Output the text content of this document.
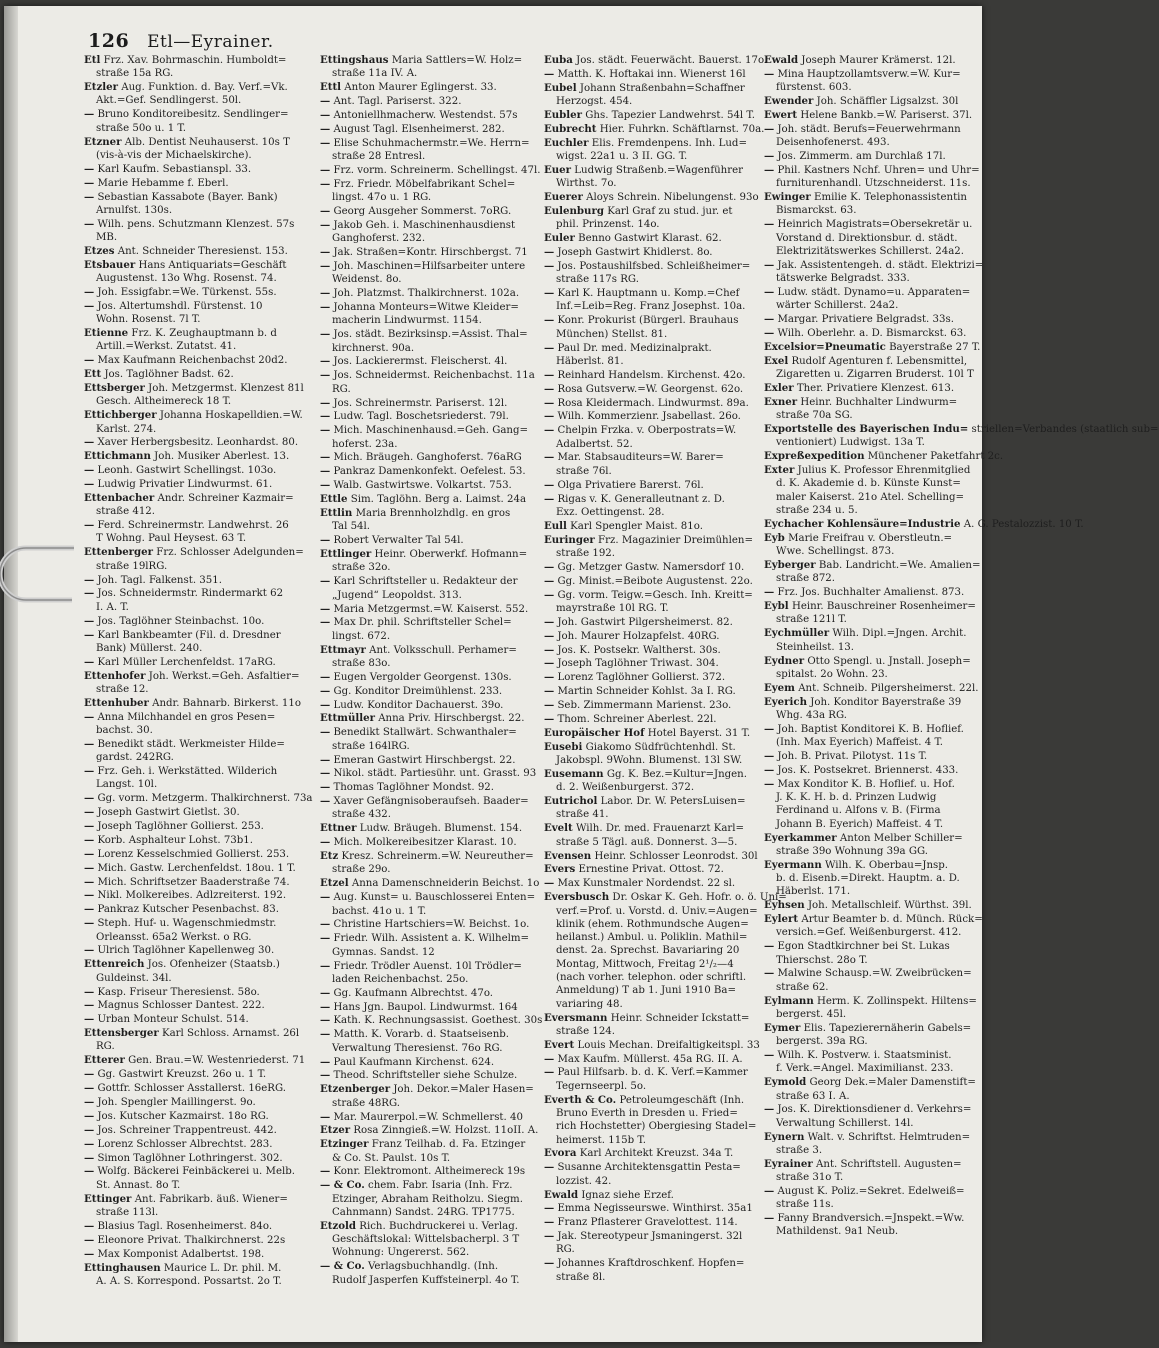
126 Etl—Eyrainer.
Etl Frz. Xav. Bohrmaschin. Humboldt=
straße 15a RG.
Etzler Aug. Funktion. d. Bay. Verf.=Vk.
Akt.=Gef. Sendlingerst. 50l.
— Bruno Konditoreibesitz. Sendlinger=
straße 50o u. 1 T.
Etzner Alb. Dentist Neuhauserst. 10s T
(vis-à-vis der Michaelskirche).
— Karl Kaufm. Sebastianspl. 33.
— Marie Hebamme f. Eberl.
— Sebastian Kassabote (Bayer. Bank)
Arnulfst. 130s.
— Wilh. pens. Schutzmann Klenzest. 57s
MB.
Etzes Ant. Schneider Theresienst. 153.
Etsbauer Hans Antiquariats=Geschäft
Augustenst. 13o Whg. Rosenst. 74.
— Joh. Essigfabr.=We. Türkenst. 55s.
— Jos. Altertumshdl. Fürstenst. 10
Wohn. Rosenst. 7l T.
Etienne Frz. K. Zeughauptmann b. d
Artill.=Werkst. Zutatst. 41.
— Max Kaufmann Reichenbachst 20d2.
Ett Jos. Taglöhner Badst. 62.
Ettsberger Joh. Metzgermst. Klenzest 81l
Gesch. Altheimereck 18 T.
Ettichberger Johanna Hoskapelldien.=W.
Karlst. 274.
— Xaver Herbergsbesitz. Leonhardst. 80.
Ettichmann Joh. Musiker Aberlest. 13.
— Leonh. Gastwirt Schellingst. 103o.
— Ludwig Privatier Lindwurmst. 61.
Ettenbacher Andr. Schreiner Kazmair=
straße 412.
— Ferd. Schreinermstr. Landwehrst. 26
T Wohng. Paul Heysest. 63 T.
Ettenberger Frz. Schlosser Adelgunden=
straße 19lRG.
— Joh. Tagl. Falkenst. 351.
— Jos. Schneidermstr. Rindermarkt 62
I. A. T.
— Jos. Taglöhner Steinbachst. 10o.
— Karl Bankbeamter (Fil. d. Dresdner
Bank) Müllerst. 240.
— Karl Müller Lerchenfeldst. 17aRG.
Ettenhofer Joh. Werkst.=Geh. Asfaltier=
straße 12.
Ettenhuber Andr. Bahnarb. Birkerst. 11o
— Anna Milchhandel en gros Pesen=
bachst. 30.
— Benedikt städt. Werkmeister Hilde=
gardst. 242RG.
— Frz. Geh. i. Werkstätted. Wilderich
Langst. 10l.
— Gg. vorm. Metzgerm. Thalkirchnerst. 73a
— Joseph Gastwirt Gietlst. 30.
— Joseph Taglöhner Gollierst. 253.
— Korb. Asphalteur Lohst. 73b1.
— Lorenz Kesselschmied Gollierst. 253.
— Mich. Gastw. Lerchenfeldst. 18ou. 1 T.
— Mich. Schriftsetzer Baaderstraße 74.
— Nikl. Molkereibes. Adlzreiterst. 192.
— Pankraz Kutscher Pesenbachst. 83.
— Steph. Huf- u. Wagenschmiedmstr.
Orleansst. 65a2 Werkst. o RG.
— Ulrich Taglöhner Kapellenweg 30.
Ettenreich Jos. Ofenheizer (Staatsb.)
Guldeinst. 34l.
— Kasp. Friseur Theresienst. 58o.
— Magnus Schlosser Dantest. 222.
— Urban Monteur Schulst. 514.
Ettensberger Karl Schloss. Arnamst. 26l
RG.
Etterer Gen. Brau.=W. Westenriederst. 71
— Gg. Gastwirt Kreuzst. 26o u. 1 T.
— Gottfr. Schlosser Asstallerst. 16eRG.
— Joh. Spengler Maillingerst. 9o.
— Jos. Kutscher Kazmairst. 18o RG.
— Jos. Schreiner Trappentreust. 442.
— Lorenz Schlosser Albrechtst. 283.
— Simon Taglöhner Lothringerst. 302.
— Wolfg. Bäckerei Feinbäckerei u. Melb.
St. Annast. 8o T.
Ettinger Ant. Fabrikarb. äuß. Wiener=
straße 113l.
— Blasius Tagl. Rosenheimerst. 84o.
— Eleonore Privat. Thalkirchnerst. 22s
— Max Komponist Adalbertst. 198.
Ettinghausen Maurice L. Dr. phil. M.
A. A. S. Korrespond. Possartst. 2o T.
Ettingshaus Maria Sattlers=W. Holz=
straße 11a IV. A.
Ettl Anton Maurer Eglingerst. 33.
— Ant. Tagl. Pariserst. 322.
— Antoniellhmacherw. Westendst. 57s
— August Tagl. Elsenheimerst. 282.
— Elise Schuhmachermstr.=We. Herrn=
straße 28 Entresl.
— Frz. vorm. Schreinerm. Schellingst. 47l.
— Frz. Friedr. Möbelfabrikant Schel=
lingst. 47o u. 1 RG.
— Georg Ausgeher Sommerst. 7oRG.
— Jakob Geh. i. Maschinenhausdienst
Ganghoferst. 232.
— Jak. Straßen=Kontr. Hirschbergst. 71
— Joh. Maschinen=Hilfsarbeiter untere
Weidenst. 8o.
— Joh. Platzmst. Thalkirchnerst. 102a.
— Johanna Monteurs=Witwe Kleider=
macherin Lindwurmst. 1154.
— Jos. städt. Bezirksinsp.=Assist. Thal=
kirchnerst. 90a.
— Jos. Lackierermst. Fleischerst. 4l.
— Jos. Schneidermst. Reichenbachst. 11a
RG.
— Jos. Schreinermstr. Pariserst. 12l.
— Ludw. Tagl. Boschetsriederst. 79l.
— Mich. Maschinenhausd.=Geh. Gang=
hoferst. 23a.
— Mich. Bräugeh. Ganghoferst. 76aRG
— Pankraz Damenkonfekt. Oefelest. 53.
— Walb. Gastwirtswe. Volkartst. 753.
Ettle Sim. Taglöhn. Berg a. Laimst. 24a
Ettlin Maria Brennholzhdlg. en gros
Tal 54l.
— Robert Verwalter Tal 54l.
Ettlinger Heinr. Oberwerkf. Hofmann=
straße 32o.
— Karl Schriftsteller u. Redakteur der
„Jugend“ Leopoldst. 313.
— Maria Metzgermst.=W. Kaiserst. 552.
— Max Dr. phil. Schriftsteller Schel=
lingst. 672.
Ettmayr Ant. Volksschull. Perhamer=
straße 83o.
— Eugen Vergolder Georgenst. 130s.
— Gg. Konditor Dreimühlenst. 233.
— Ludw. Konditor Dachauerst. 39o.
Ettmüller Anna Priv. Hirschbergst. 22.
— Benedikt Stallwärt. Schwanthaler=
straße 164lRG.
— Emeran Gastwirt Hirschbergst. 22.
— Nikol. städt. Partiesühr. unt. Grasst. 93
— Thomas Taglöhner Mondst. 92.
— Xaver Gefängnisoberaufseh. Baader=
straße 432.
Ettner Ludw. Bräugeh. Blumenst. 154.
— Mich. Molkereibesitzer Klarast. 10.
Etz Kresz. Schreinerm.=W. Neureuther=
straße 29o.
Etzel Anna Damenschneiderin Beichst. 1o
— Aug. Kunst= u. Bauschlosserei Enten=
bachst. 41o u. 1 T.
— Christine Hartschiers=W. Beichst. 1o.
— Friedr. Wilh. Assistent a. K. Wilhelm=
Gymnas. Sandst. 12
— Friedr. Trödler Auenst. 10l Trödler=
laden Reichenbachst. 25o.
— Gg. Kaufmann Albrechtst. 47o.
— Hans Jgn. Baupol. Lindwurmst. 164
— Kath. K. Rechnungsassist. Goethest. 30s
— Matth. K. Vorarb. d. Staatseisenb.
Verwaltung Theresienst. 76o RG.
— Paul Kaufmann Kirchenst. 624.
— Theod. Schriftsteller siehe Schulze.
Etzenberger Joh. Dekor.=Maler Hasen=
straße 48RG.
— Mar. Maurerpol.=W. Schmellerst. 40
Etzer Rosa Zinngieß.=W. Holzst. 11oII. A.
Etzinger Franz Teilhab. d. Fa. Etzinger
& Co. St. Paulst. 10s T.
— Konr. Elektromont. Altheimereck 19s
— & Co. chem. Fabr. Isaria (Inh. Frz.
Etzinger, Abraham Reitholzu. Siegm.
Cahnmann) Sandst. 24RG. TP1775.
Etzold Rich. Buchdruckerei u. Verlag.
Geschäftslokal: Wittelsbacherpl. 3 T
Wohnung: Ungererst. 562.
— & Co. Verlagsbuchhandlg. (Inh.
Rudolf Jasperfen Kuffsteinerpl. 4o T.
Euba Jos. städt. Feuerwächt. Bauerst. 17o.
— Matth. K. Hoftakai inn. Wienerst 16l
Eubel Johann Straßenbahn=Schaffner
Herzogst. 454.
Eubler Ghs. Tapezier Landwehrst. 54l T.
Eubrecht Hier. Fuhrkn. Schäftlarnst. 70a.
Euchler Elis. Fremdenpens. Inh. Lud=
wigst. 22a1 u. 3 II. GG. T.
Euer Ludwig Straßenb.=Wagenführer
Wirthst. 7o.
Euerer Aloys Schrein. Nibelungenst. 93o
Eulenburg Karl Graf zu stud. jur. et
phil. Prinzenst. 14o.
Euler Benno Gastwirt Klarast. 62.
— Joseph Gastwirt Khidlerst. 8o.
— Jos. Postaushilfsbed. Schleißheimer=
straße 117s RG.
— Karl K. Hauptmann u. Komp.=Chef
Inf.=Leib=Reg. Franz Josephst. 10a.
— Konr. Prokurist (Bürgerl. Brauhaus
München) Stellst. 81.
— Paul Dr. med. Medizinalprakt.
Häberlst. 81.
— Reinhard Handelsm. Kirchenst. 42o.
— Rosa Gutsverw.=W. Georgenst. 62o.
— Rosa Kleidermach. Lindwurmst. 89a.
— Wilh. Kommerzienr. Jsabellast. 26o.
— Chelpin Frzka. v. Oberpostrats=W.
Adalbertst. 52.
— Mar. Stabsauditeurs=W. Barer=
straße 76l.
— Olga Privatiere Barerst. 76l.
— Rigas v. K. Generalleutnant z. D.
Exz. Oettingenst. 28.
Eull Karl Spengler Maist. 81o.
Euringer Frz. Magazinier Dreimühlen=
straße 192.
— Gg. Metzger Gastw. Namersdorf 10.
— Gg. Minist.=Beibote Augustenst. 22o.
— Gg. vorm. Teigw.=Gesch. Inh. Kreitt=
mayrstraße 10l RG. T.
— Joh. Gastwirt Pilgersheimerst. 82.
— Joh. Maurer Holzapfelst. 40RG.
— Jos. K. Postsekr. Waltherst. 30s.
— Joseph Taglöhner Triwast. 304.
— Lorenz Taglöhner Gollierst. 372.
— Martin Schneider Kohlst. 3a I. RG.
— Seb. Zimmermann Marienst. 23o.
— Thom. Schreiner Aberlest. 22l.
Europäischer Hof Hotel Bayerst. 31 T.
Eusebi Giakomo Südfrüchtenhdl. St.
Jakobspl. 9Wohn. Blumenst. 13l SW.
Eusemann Gg. K. Bez.=Kultur=Jngen.
d. 2. Weißenburgerst. 372.
Eutrichol Labor. Dr. W. PetersLuisen=
straße 41.
Evelt Wilh. Dr. med. Frauenarzt Karl=
straße 5 Tägl. auß. Donnerst. 3—5.
Evensen Heinr. Schlosser Leonrodst. 30l
Evers Ernestine Privat. Ottost. 72.
— Max Kunstmaler Nordendst. 22 sl.
Eversbusch Dr. Oskar K. Geh. Hofr. o. ö. Uni=
verf.=Prof. u. Vorstd. d. Univ.=Augen=
klinik (ehem. Rothmundsche Augen=
heilanst.) Ambul. u. Poliklin. Mathil=
denst. 2a. Sprechst. Bavariaring 20
Montag, Mittwoch, Freitag 2¹/₂—4
(nach vorher. telephon. oder schriftl.
Anmeldung) T ab 1. Juni 1910 Ba=
variaring 48.
Eversmann Heinr. Schneider Ickstatt=
straße 124.
Evert Louis Mechan. Dreifaltigkeitspl. 33
— Max Kaufm. Müllerst. 45a RG. II. A.
— Paul Hilfsarb. b. d. K. Verf.=Kammer
Tegernseerpl. 5o.
Everth & Co. Petroleumgeschäft (Inh.
Bruno Everth in Dresden u. Fried=
rich Hochstetter) Obergiesing Stadel=
heimerst. 115b T.
Evora Karl Architekt Kreuzst. 34a T.
— Susanne Architektensgattin Pesta=
lozzist. 42.
Ewald Ignaz siehe Erzef.
— Emma Negisseurswe. Winthirst. 35a1
— Franz Pflasterer Gravelottest. 114.
— Jak. Stereotypeur Jsmaningerst. 32l
RG.
— Johannes Kraftdroschkenf. Hopfen=
straße 8l.
Ewald Joseph Maurer Krämerst. 12l.
— Mina Hauptzollamtsverw.=W. Kur=
fürstenst. 603.
Ewender Joh. Schäffler Ligsalzst. 30l
Ewert Helene Bankb.=W. Pariserst. 37l.
— Joh. städt. Berufs=Feuerwehrmann
Deisenhofenerst. 493.
— Jos. Zimmerm. am Durchlaß 17l.
— Phil. Kastners Nchf. Uhren= und Uhr=
furniturenhandl. Utzschneiderst. 11s.
Ewinger Emilie K. Telephonassistentin
Bismarckst. 63.
— Heinrich Magistrats=Obersekretär u.
Vorstand d. Direktionsbur. d. städt.
Elektrizitätswerkes Schillerst. 24a2.
— Jak. Assistentengeh. d. städt. Elektrizi=
tätswerke Belgradst. 333.
— Ludw. städt. Dynamo=u. Apparaten=
wärter Schillerst. 24a2.
— Margar. Privatiere Belgradst. 33s.
— Wilh. Oberlehr. a. D. Bismarckst. 63.
Excelsior=Pneumatic Bayerstraße 27 T.
Exel Rudolf Agenturen f. Lebensmittel,
Zigaretten u. Zigarren Bruderst. 10l T
Exler Ther. Privatiere Klenzest. 613.
Exner Heinr. Buchhalter Lindwurm=
straße 70a SG.
Exportstelle des Bayerischen Indu= striellen=Verbandes (staatlich sub=
ventioniert) Ludwigst. 13a T.
Expreßexpedition Münchener Paketfahrt 2c.
Exter Julius K. Professor Ehrenmitglied
d. K. Akademie d. b. Künste Kunst=
maler Kaiserst. 21o Atel. Schelling=
straße 234 u. 5.
Eychacher Kohlensäure=Industrie A. G. Pestalozzist. 10 T.
Eyb Marie Freifrau v. Oberstleutn.=
Wwe. Schellingst. 873.
Eyberger Bab. Landricht.=We. Amalien=
straße 872.
— Frz. Jos. Buchhalter Amalienst. 873.
Eybl Heinr. Bauschreiner Rosenheimer=
straße 121l T.
Eychmüller Wilh. Dipl.=Jngen. Archit.
Steinheilst. 13.
Eydner Otto Spengl. u. Jnstall. Joseph=
spitalst. 2o Wohn. 23.
Eyem Ant. Schneib. Pilgersheimerst. 22l.
Eyerich Joh. Konditor Bayerstraße 39
Whg. 43a RG.
— Joh. Baptist Konditorei K. B. Hoflief.
(Inh. Max Eyerich) Maffeist. 4 T.
— Joh. B. Privat. Pilotyst. 11s T.
— Jos. K. Postsekret. Briennerst. 433.
— Max Konditor K. B. Hoflief. u. Hof.
J. K. K. H. b. d. Prinzen Ludwig
Ferdinand u. Alfons v. B. (Firma
Johann B. Eyerich) Maffeist. 4 T.
Eyerkammer Anton Melber Schiller=
straße 39o Wohnung 39a GG.
Eyermann Wilh. K. Oberbau=Jnsp.
b. d. Eisenb.=Direkt. Hauptm. a. D.
Häberlst. 171.
Eyhsen Joh. Metallschleif. Würthst. 39l.
Eylert Artur Beamter b. d. Münch. Rück=
versich.=Gef. Weißenburgerst. 412.
— Egon Stadtkirchner bei St. Lukas
Thierschst. 28o T.
— Malwine Schausp.=W. Zweibrücken=
straße 62.
Eylmann Herm. K. Zollinspekt. Hiltens=
bergerst. 45l.
Eymer Elis. Tapezierernäherin Gabels=
bergerst. 39a RG.
— Wilh. K. Postverw. i. Staatsminist.
f. Verk.=Angel. Maximilianst. 233.
Eymold Georg Dek.=Maler Damenstift=
straße 63 I. A.
— Jos. K. Direktionsdiener d. Verkehrs=
Verwaltung Schillerst. 14l.
Eynern Walt. v. Schriftst. Helmtruden=
straße 3.
Eyrainer Ant. Schriftstell. Augusten=
straße 31o T.
— August K. Poliz.=Sekret. Edelweiß=
straße 11s.
— Fanny Brandversich.=Jnspekt.=Ww.
Mathildenst. 9a1 Neub.
